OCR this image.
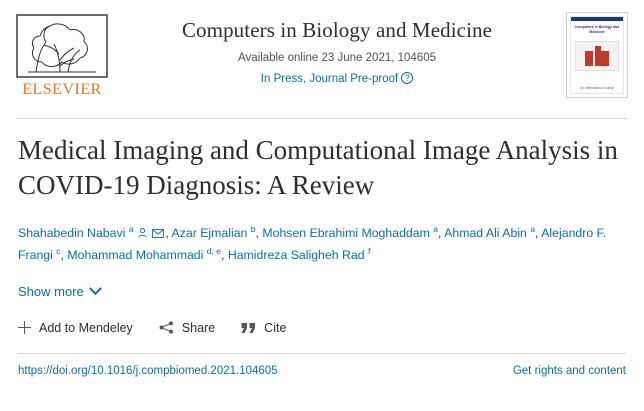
ELSEVIER
Computers in Biology and Medicine
Available online 23 June 2021, 104605
In Press, Journal Pre-proof ?
Computers in Biology and Medicine
An International Journal
Medical Imaging and Computational Image Analysis in COVID-19 Diagnosis: A Review
Shahabedin Nabavi $^a$	, Azar Ejmalian $^b$, Mohsen Ebrahimi Moghaddam $^a$, Ahmad Ali Abin $^a$, Alejandro F. Frangi $^c$, Mohammad Mohammadi $^{d, e}$, Hamidreza Saligheh Rad $^f$
Show more
Add to Mendeley	Share	Cite
https://doi.org/10.1016/j.compbiomed.2021.104605	Get rights and content
